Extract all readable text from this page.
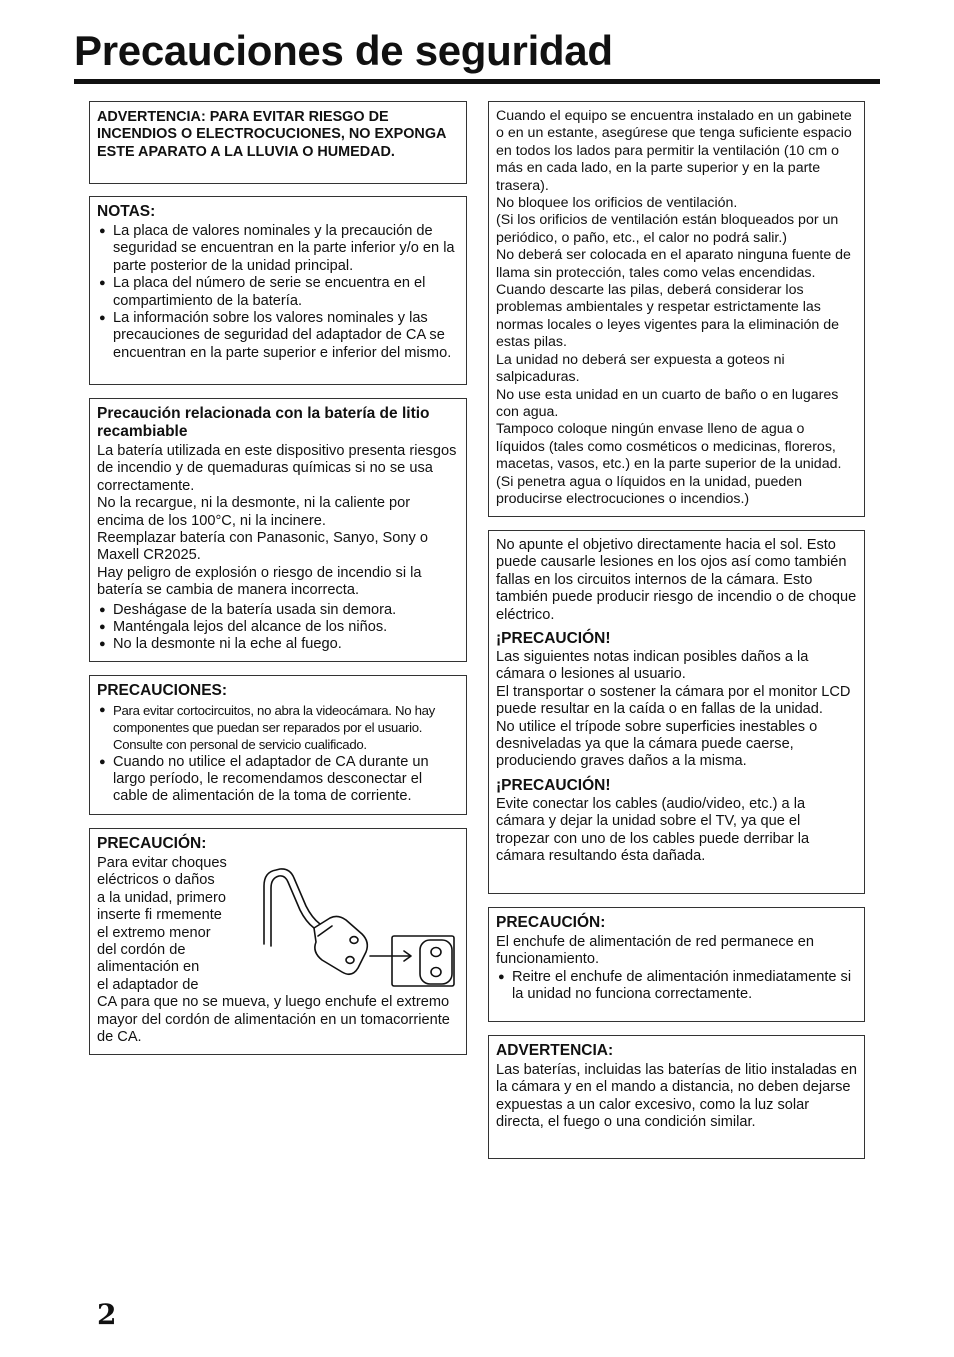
Precauciones de seguridad

ADVERTENCIA: PARA EVITAR RIESGO DE INCENDIOS O ELECTROCUCIONES, NO EXPONGA ESTE APARATO A LA LLUVIA O HUMEDAD.

NOTAS:

● La placa de valores nominales y la precaución de seguridad se encuentran en la parte inferior y/o en la parte posterior de la unidad principal.
● La placa del número de serie se encuentra en el compartimiento de la batería.
● La información sobre los valores nominales y las precauciones de seguridad del adaptador de CA se encuentran en la parte superior e inferior del mismo.

Precaución relacionada con la batería de litio recambiable

La batería utilizada en este dispositivo presenta riesgos de incendio y de quemaduras químicas si no se usa correctamente.

No la recargue, ni la desmonte, ni la caliente por encima de los 100°C, ni la incinere.

Reemplazar batería con Panasonic, Sanyo, Sony o Maxell CR2025.

Hay peligro de explosión o riesgo de incendio si la batería se cambia de manera incorrecta.

● Deshágase de la batería usada sin demora.
● Manténgala lejos del alcance de los niños.
● No la desmonte ni la eche al fuego.

PRECAUCIONES:

● Para evitar cortocircuitos, no abra la videocámara. No hay componentes que puedan ser reparados por el usuario. Consulte con personal de servicio cualificado.
● Cuando no utilice el adaptador de CA durante un largo período, le recomendamos desconectar el cable de alimentación de la toma de corriente.

PRECAUCIÓN:

Para evitar choques

eléctricos o daños

a la unidad, primero

inserte fi rmemente

el extremo menor

del cordón de

alimentación en

el adaptador de

CA para que no se mueva, y luego enchufe el extremo mayor del cordón de alimentación en un tomacorriente de CA.

Cuando el equipo se encuentra instalado en un gabinete o en un estante, asegúrese que tenga suficiente espacio en todos los lados para permitir la ventilación (10 cm o más en cada lado, en la parte superior y en la parte trasera).

No bloquee los orificios de ventilación.

(Si los orificios de ventilación están bloqueados por un periódico, o paño, etc., el calor no podrá salir.)

No deberá ser colocada en el aparato ninguna fuente de llama sin protección, tales como velas encendidas.

Cuando descarte las pilas, deberá considerar los problemas ambientales y respetar estrictamente las normas locales o leyes vigentes para la eliminación de estas pilas.

La unidad no deberá ser expuesta a goteos ni salpicaduras.

No use esta unidad en un cuarto de baño o en lugares con agua.

Tampoco coloque ningún envase lleno de agua o líquidos (tales como cosméticos o medicinas, floreros, macetas, vasos, etc.) en la parte superior de la unidad.

(Si penetra agua o líquidos en la unidad, pueden producirse electrocuciones o incendios.)

No apunte el objetivo directamente hacia el sol. Esto puede causarle lesiones en los ojos así como también fallas en los circuitos internos de la cámara. Esto también puede producir riesgo de incendio o de choque eléctrico.

¡PRECAUCIÓN!

Las siguientes notas indican posibles daños a la cámara o lesiones al usuario.

El transportar o sostener la cámara por el monitor LCD puede resultar en la caída o en fallas de la unidad.

No utilice el trípode sobre superficies inestables o desniveladas ya que la cámara puede caerse, produciendo graves daños a la misma.

¡PRECAUCIÓN!

Evite conectar los cables (audio/video, etc.) a la cámara y dejar la unidad sobre el TV, ya que el tropezar con uno de los cables puede derribar la cámara resultando ésta dañada.

PRECAUCIÓN:

El enchufe de alimentación de red permanece en funcionamiento.

● Reitre el enchufe de alimentación inmediatamente si la unidad no funciona correctamente.

ADVERTENCIA:

Las baterías, incluidas las baterías de litio instaladas en la cámara y en el mando a distancia, no deben dejarse expuestas a un calor excesivo, como la luz solar directa, el fuego o una condición similar.

2
